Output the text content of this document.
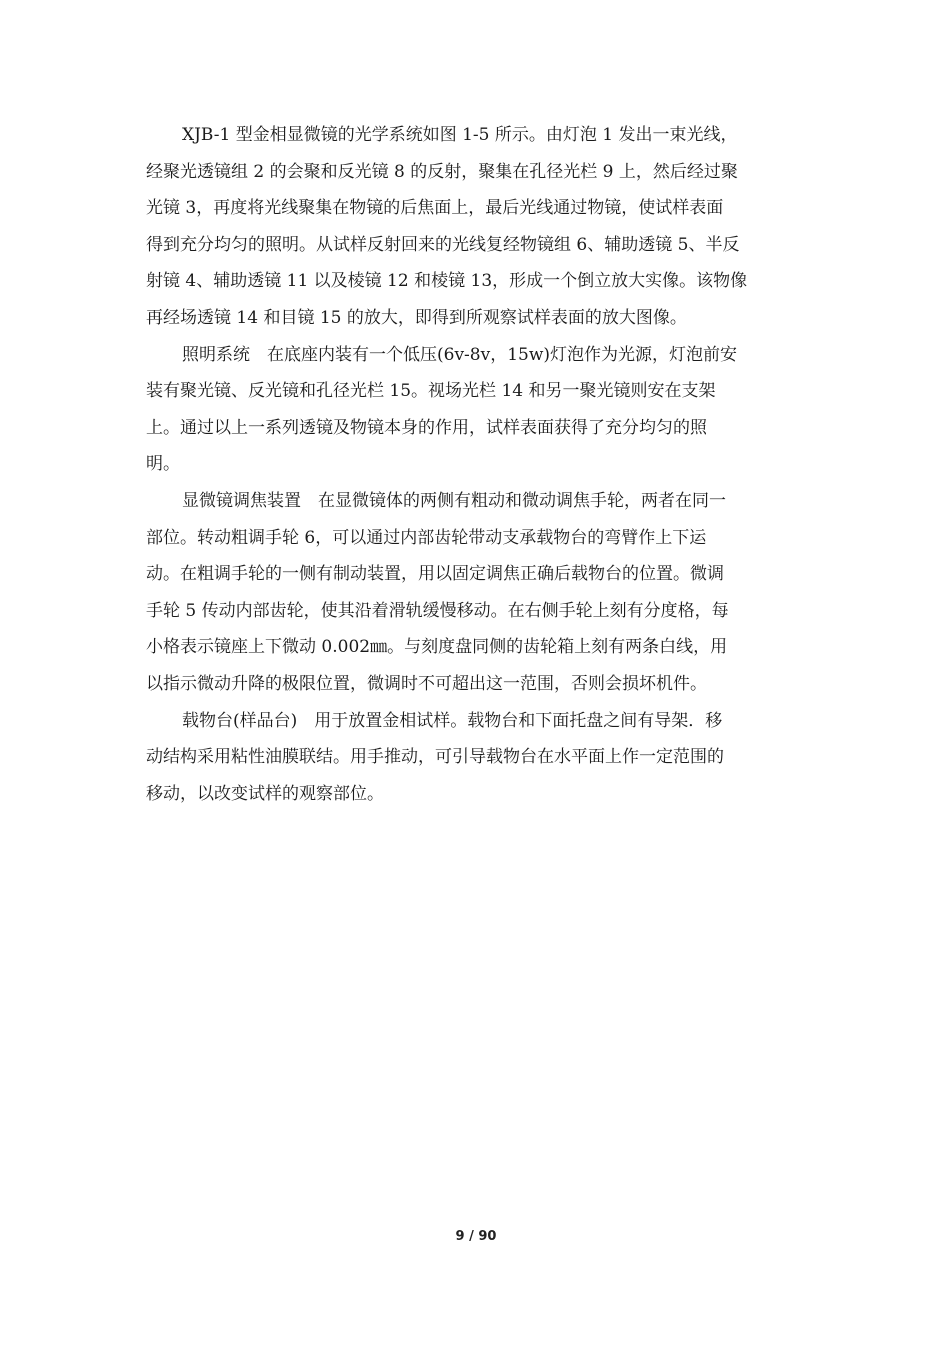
XJB-1 型金相显微镜的光学系统如图 1-5 所示。由灯泡 1 发出一束光线，
经聚光透镜组 2 的会聚和反光镜 8 的反射，聚集在孔径光栏 9 上，然后经过聚
光镜 3，再度将光线聚集在物镜的后焦面上，最后光线通过物镜，使试样表面
得到充分均匀的照明。从试样反射回来的光线复经物镜组 6、辅助透镜 5、半反
射镜 4、辅助透镜 11 以及棱镜 12 和棱镜 13，形成一个倒立放大实像。该物像
再经场透镜 14 和目镜 15 的放大，即得到所观察试样表面的放大图像。
照明系统　在底座内装有一个低压(6v-8v，15w)灯泡作为光源，灯泡前安
装有聚光镜、反光镜和孔径光栏 15。视场光栏 14 和另一聚光镜则安在支架
上。通过以上一系列透镜及物镜本身的作用，试样表面获得了充分均匀的照
明。
显微镜调焦装置　在显微镜体的两侧有粗动和微动调焦手轮，两者在同一
部位。转动粗调手轮 6，可以通过内部齿轮带动支承载物台的弯臂作上下运
动。在粗调手轮的一侧有制动装置，用以固定调焦正确后载物台的位置。微调
手轮 5 传动内部齿轮，使其沿着滑轨缓慢移动。在右侧手轮上刻有分度格，每
小格表示镜座上下微动 0.002㎜。与刻度盘同侧的齿轮箱上刻有两条白线，用
以指示微动升降的极限位置，微调时不可超出这一范围，否则会损坏机件。
载物台(样品台)　用于放置金相试样。载物台和下面托盘之间有导架．移
动结构采用粘性油膜联结。用手推动，可引导载物台在水平面上作一定范围的
移动，以改变试样的观察部位。
9 / 90
